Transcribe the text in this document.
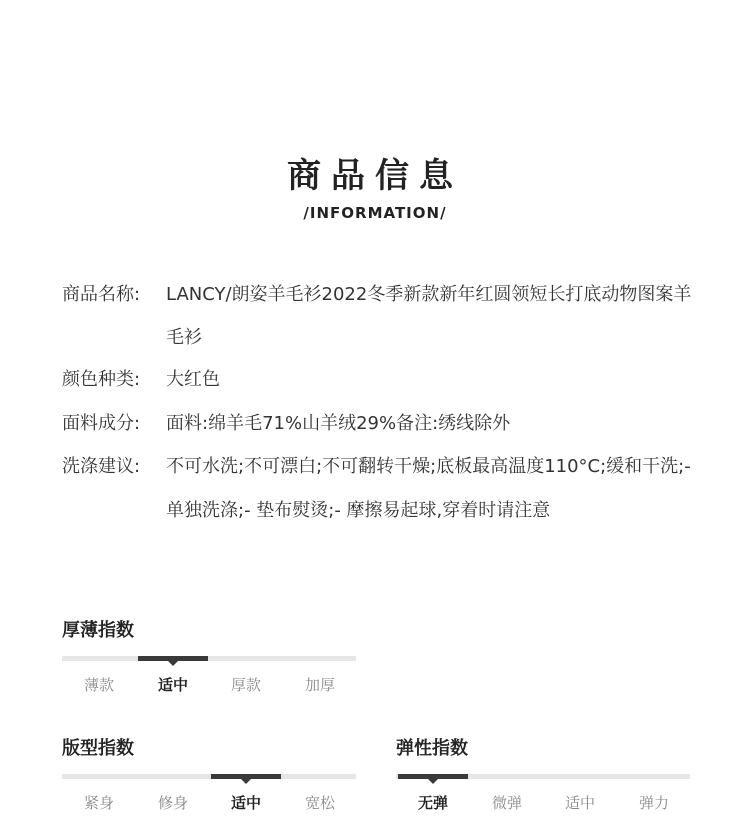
商品信息
/INFORMATION/
商品名称: LANCY/朗姿羊毛衫2022冬季新款新年红圆领短长打底动物图案羊毛衫
颜色种类: 大红色
面料成分: 面料:绵羊毛71%山羊绒29%备注:绣线除外
洗涤建议: 不可水洗;不可漂白;不可翻转干燥;底板最高温度110°C;缓和干洗;- 单独洗涤;- 垫布熨烫;- 摩擦易起球,穿着时请注意
厚薄指数
薄款	适中	厚款	加厚
版型指数
紧身	修身	适中	宽松
弹性指数
无弹	微弹	适中	弹力
